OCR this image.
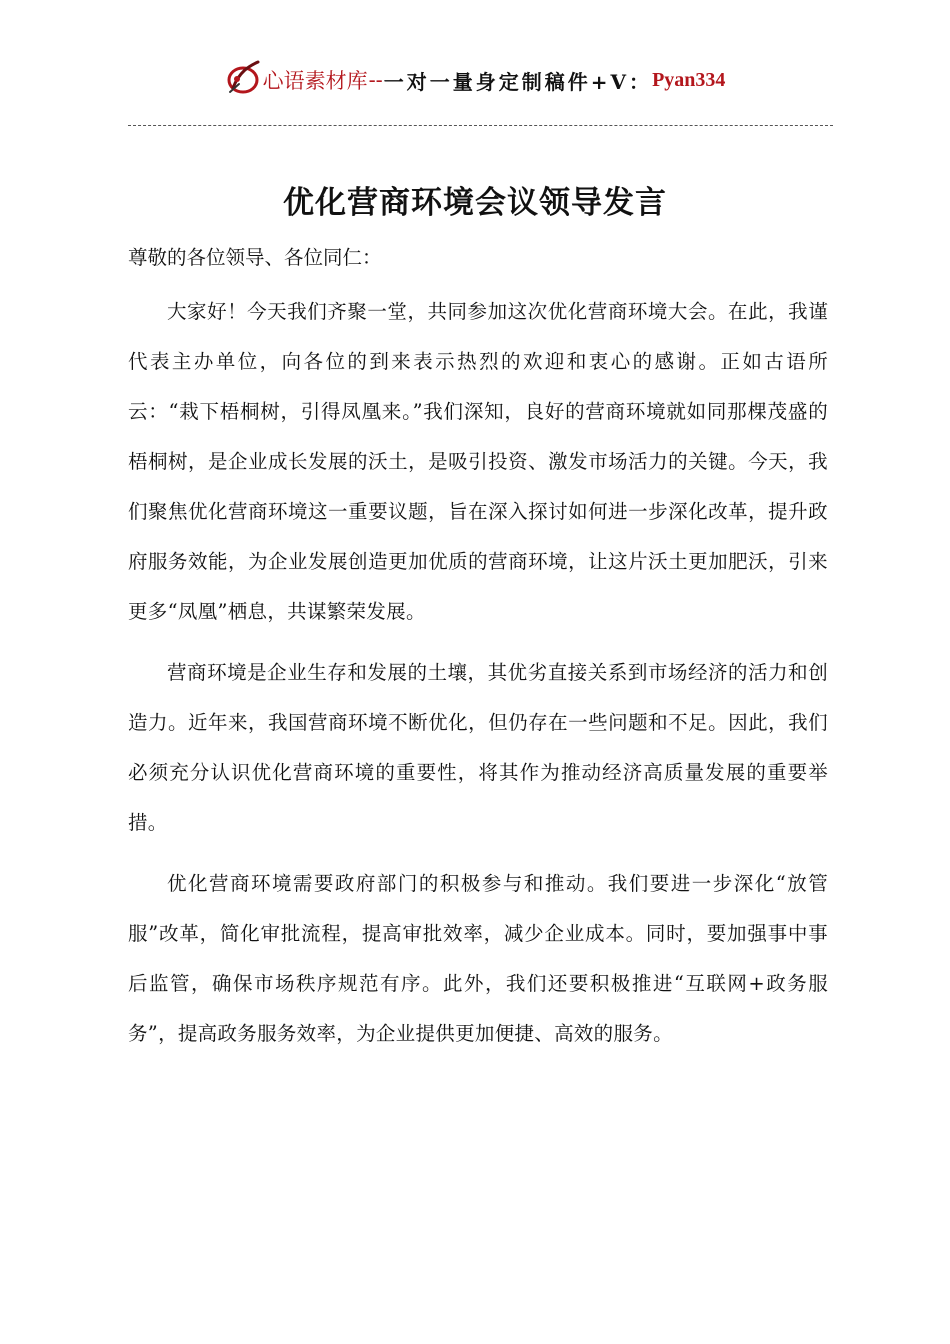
心语素材库 -- 一对一量身定制稿件+V： Pyan334
优化营商环境会议领导发言

尊敬的各位领导、各位同仁：

大家好！今天我们齐聚一堂，共同参加这次优化营商环境大会。在此，我谨代表主办单位，向各位的到来表示热烈的欢迎和衷心的感谢。正如古语所云：“栽下梧桐树，引得凤凰来。”我们深知，良好的营商环境就如同那棵茂盛的梧桐树，是企业成长发展的沃土，是吸引投资、激发市场活力的关键。今天，我们聚焦优化营商环境这一重要议题，旨在深入探讨如何进一步深化改革，提升政府服务效能，为企业发展创造更加优质的营商环境，让这片沃土更加肥沃，引来更多“凤凰”栖息，共谋繁荣发展。

营商环境是企业生存和发展的土壤，其优劣直接关系到市场经济的活力和创造力。近年来，我国营商环境不断优化，但仍存在一些问题和不足。因此，我们必须充分认识优化营商环境的重要性，将其作为推动经济高质量发展的重要举措。

优化营商环境需要政府部门的积极参与和推动。我们要进一步深化“放管服”改革，简化审批流程，提高审批效率，减少企业成本。同时，要加强事中事后监管，确保市场秩序规范有序。此外，我们还要积极推进“互联网+政务服务”，提高政务服务效率，为企业提供更加便捷、高效的服务。
